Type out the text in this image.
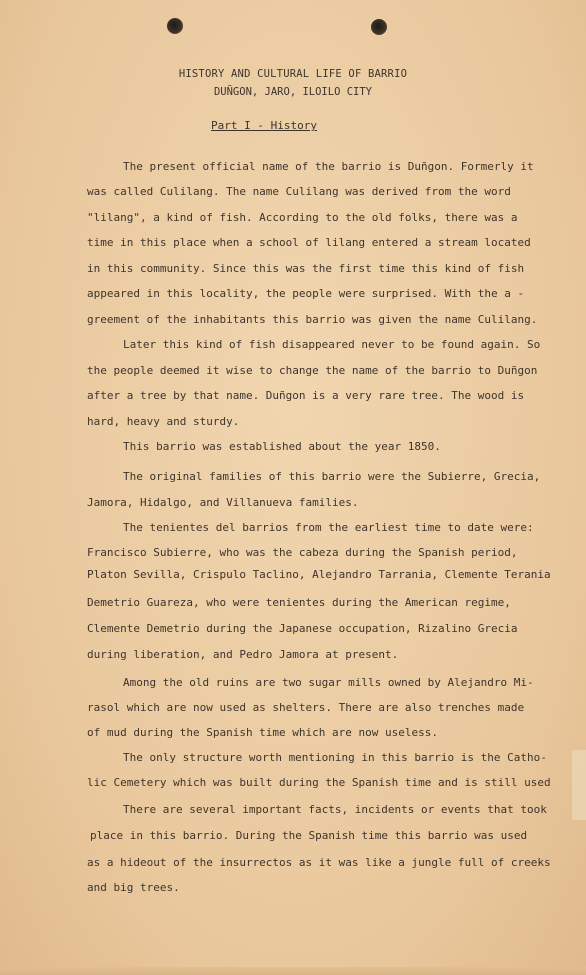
HISTORY AND CULTURAL LIFE OF BARRIO
DUÑGON, JARO, ILOILO CITY
Part I - History
The present official name of the barrio is Duñgon. Formerly it
was called Culilang. The name Culilang was derived from the word
"lilang", a kind of fish. According to the old folks, there was a
time in this place when a school of lilang entered a stream located
in this community. Since this was the first time this kind of fish
appeared in this locality, the people were surprised. With the a -
greement of the inhabitants this barrio was given the name Culilang.
Later this kind of fish disappeared never to be found again. So
the people deemed it wise to change the name of the barrio to Duñgon
after a tree by that name. Duñgon is a very rare tree. The wood is
hard, heavy and sturdy.
This barrio was established about the year 1850.
The original families of this barrio were the Subierre, Grecia,
Jamora, Hidalgo, and Villanueva families.
The tenientes del barrios from the earliest time to date were:
Francisco Subierre, who was the cabeza during the Spanish period,
Platon Sevilla, Crispulo Taclino, Alejandro Tarrania, Clemente Terania
Demetrio Guareza, who were tenientes during the American regime,
Clemente Demetrio during the Japanese occupation, Rizalino Grecia
during liberation, and Pedro Jamora at present.
Among the old ruins are two sugar mills owned by Alejandro Mi-
rasol which are now used as shelters. There are also trenches made
of mud during the Spanish time which are now useless.
The only structure worth mentioning in this barrio is the Catho-
lic Cemetery which was built during the Spanish time and is still used
There are several important facts, incidents or events that took
place in this barrio. During the Spanish time this barrio was used
as a hideout of the insurrectos as it was like a jungle full of creeks
and big trees.
